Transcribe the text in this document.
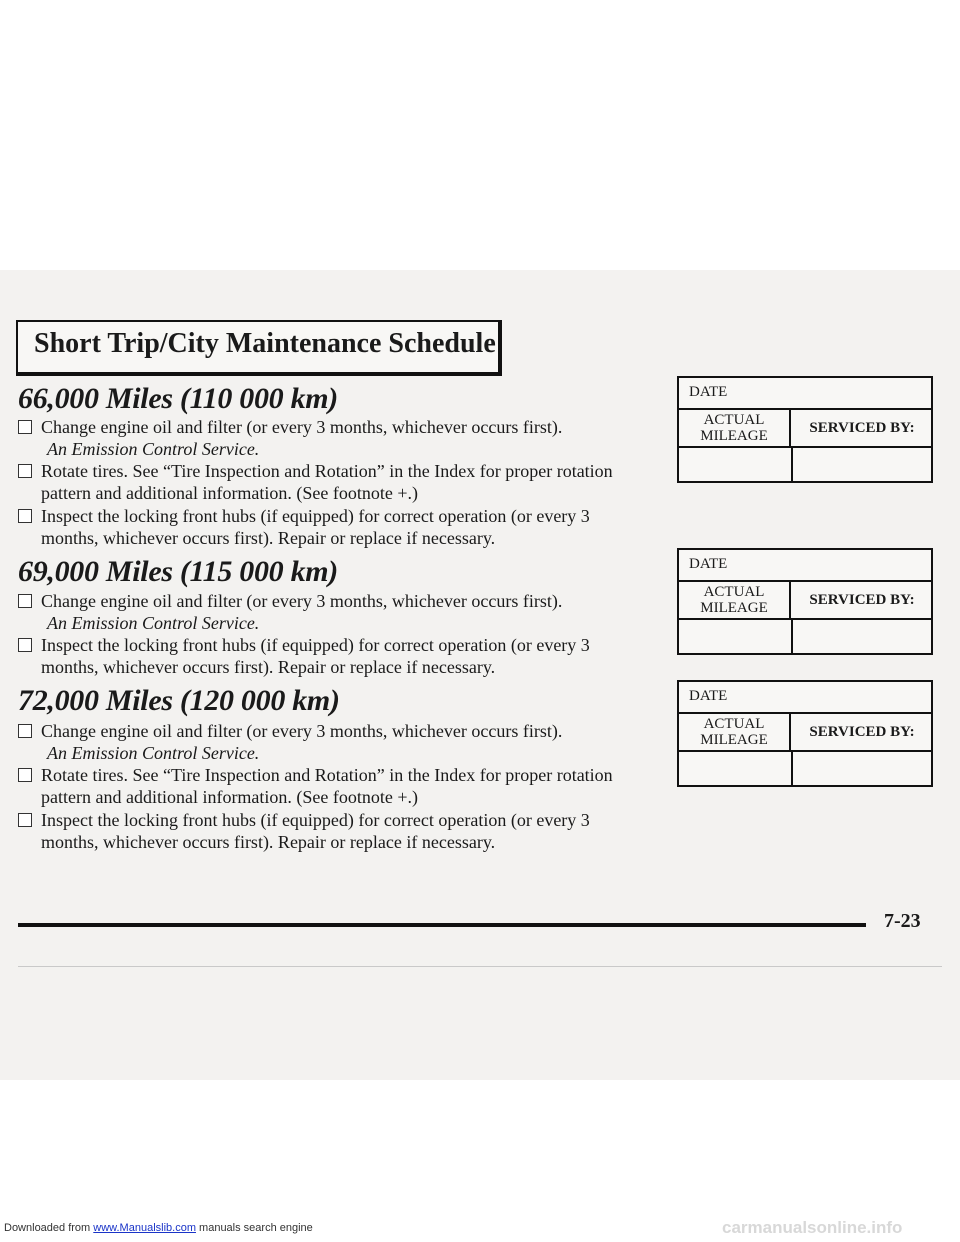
Short Trip/City Maintenance Schedule
66,000 Miles (110 000 km)
Change engine oil and filter (or every 3 months, whichever occurs first).
An Emission Control Service.
Rotate tires. See “Tire Inspection and Rotation” in the Index for proper rotation pattern and additional information. (See footnote +.)
Inspect the locking front hubs (if equipped) for correct operation (or every 3 months, whichever occurs first). Repair or replace if necessary.
69,000 Miles (115 000 km)
Change engine oil and filter (or every 3 months, whichever occurs first).
An Emission Control Service.
Inspect the locking front hubs (if equipped) for correct operation (or every 3 months, whichever occurs first). Repair or replace if necessary.
72,000 Miles (120 000 km)
Change engine oil and filter (or every 3 months, whichever occurs first).
An Emission Control Service.
Rotate tires. See “Tire Inspection and Rotation” in the Index for proper rotation pattern and additional information. (See footnote +.)
Inspect the locking front hubs (if equipped) for correct operation (or every 3 months, whichever occurs first). Repair or replace if necessary.
DATE
ACTUAL
MILEAGE	SERVICED BY:
DATE
ACTUAL
MILEAGE	SERVICED BY:
DATE
ACTUAL
MILEAGE	SERVICED BY:
7-23
Downloaded from www.Manualslib.com manuals search engine	carmanualsonline.info
